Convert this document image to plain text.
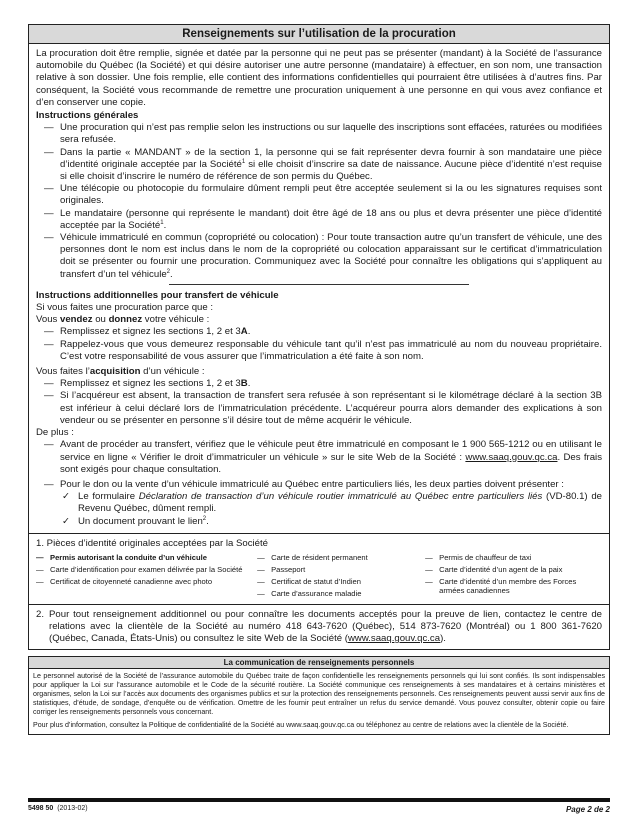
Renseignements sur l’utilisation de la procuration

La procuration doit être remplie, signée et datée par la personne qui ne peut pas se présenter (mandant) à la Société de l’assurance automobile du Québec (la Société) et qui désire autoriser une autre personne (mandataire) à effectuer, en son nom, une transaction relative à son dossier. Une fois remplie, elle contient des informations confidentielles qui pourraient être utilisées à d’autres fins. Par conséquent, la Société vous recommande de remettre une procuration uniquement à une personne en qui vous avez confiance et d’en conserver une copie.

Instructions générales
— Une procuration qui n’est pas remplie selon les instructions ou sur laquelle des inscriptions sont effacées, raturées ou modifiées sera refusée.
— Dans la partie « MANDANT » de la section 1, la personne qui se fait représenter devra fournir à son mandataire une pièce d’identité originale acceptée par la Société$^1$ si elle choisit d’inscrire sa date de naissance. Aucune pièce d’identité n’est requise si elle choisit d’inscrire le numéro de référence de son permis du Québec.
— Une télécopie ou photocopie du formulaire dûment rempli peut être acceptée seulement si la ou les signatures requises sont originales.
— Le mandataire (personne qui représente le mandant) doit être âgé de 18 ans ou plus et devra présenter une pièce d’identité acceptée par la Société$^1$.
— Véhicule immatriculé en commun (copropriété ou colocation) : Pour toute transaction autre qu’un transfert de véhicule, une des personnes dont le nom est inclus dans le nom de la copropriété ou colocation apparaissant sur le certificat d’immatriculation doit se présenter ou fournir une procuration. Communiquez avec la Société pour connaître les obligations qui s’appliquent au transfert d’un tel véhicule$^2$.
Instructions additionnelles pour transfert de véhicule

Si vous faites une procuration parce que :

Vous vendez ou donnez votre véhicule :

— Remplissez et signez les sections 1, 2 et 3A.
— Rappelez-vous que vous demeurez responsable du véhicule tant qu’il n’est pas immatriculé au nom du nouveau propriétaire. C’est votre responsabilité de vous assurer que l’immatriculation a été faite à son nom.

Vous faites l’acquisition d’un véhicule :

— Remplissez et signez les sections 1, 2 et 3B.
— Si l’acquéreur est absent, la transaction de transfert sera refusée à son représentant si le kilométrage déclaré à la section 3B est inférieur à celui déclaré lors de l’immatriculation précédente. L’acquéreur pourra alors demander des explications à son vendeur ou se présenter en personne s’il désire tout de même acquérir le véhicule.

De plus :

— Avant de procéder au transfert, vérifiez que le véhicule peut être immatriculé en composant le 1 900 565-1212 ou en utilisant le service en ligne « Vérifier le droit d’immatriculer un véhicule » sur le site Web de la Société : www.saaq.gouv.qc.ca. Des frais sont exigés pour chaque consultation.
— Pour le don ou la vente d’un véhicule immatriculé au Québec entre particuliers liés, les deux parties doivent présenter :
✓ Le formulaire Déclaration de transaction d’un véhicule routier immatriculé au Québec entre particuliers liés (VD-80.1) de Revenu Québec, dûment rempli.
✓ Un document prouvant le lien$^2$.
1. Pièces d’identité originales acceptées par la Société
— Permis autorisant la conduite d’un véhicule
— Carte d’identification pour examen délivrée par la Société
— Certificat de citoyenneté canadienne avec photo
— Carte de résident permanent
— Passeport
— Certificat de statut d’Indien
— Carte d’assurance maladie
— Permis de chauffeur de taxi
— Carte d’identité d’un agent de la paix
— Carte d’identité d’un membre des Forces armées canadiennes
2. Pour tout renseignement additionnel ou pour connaître les documents acceptés pour la preuve de lien, contactez le centre de relations avec la clientèle de la Société au numéro 418 643-7620 (Québec), 514 873-7620 (Montréal) ou 1 800 361-7620 (Québec, Canada, États-Unis) ou consultez le site Web de la Société (www.saaq.gouv.qc.ca).
La communication de renseignements personnels

Le personnel autorisé de la Société de l’assurance automobile du Québec traite de façon confidentielle les renseignements personnels qui lui sont confiés. Ils sont indispensables pour appliquer la Loi sur l’assurance automobile et le Code de la sécurité routière. La Société communique ces renseignements à ses mandataires et à certains ministères et organismes, selon la Loi sur l’accès aux documents des organismes publics et sur la protection des renseignements personnels. Ces renseignements peuvent aussi servir aux fins de statistiques, d’étude, de sondage, d’enquête ou de vérification. Omettre de les fournir peut entraîner un refus du service demandé. Vous pouvez consulter, obtenir copie ou faire corriger les renseignements personnels vous concernant.

Pour plus d’information, consultez la Politique de confidentialité de la Société au www.saaq.gouv.qc.ca ou téléphonez au centre de relations avec la clientèle de la Société.

5498 50 (2013-02)	Page 2 de 2
